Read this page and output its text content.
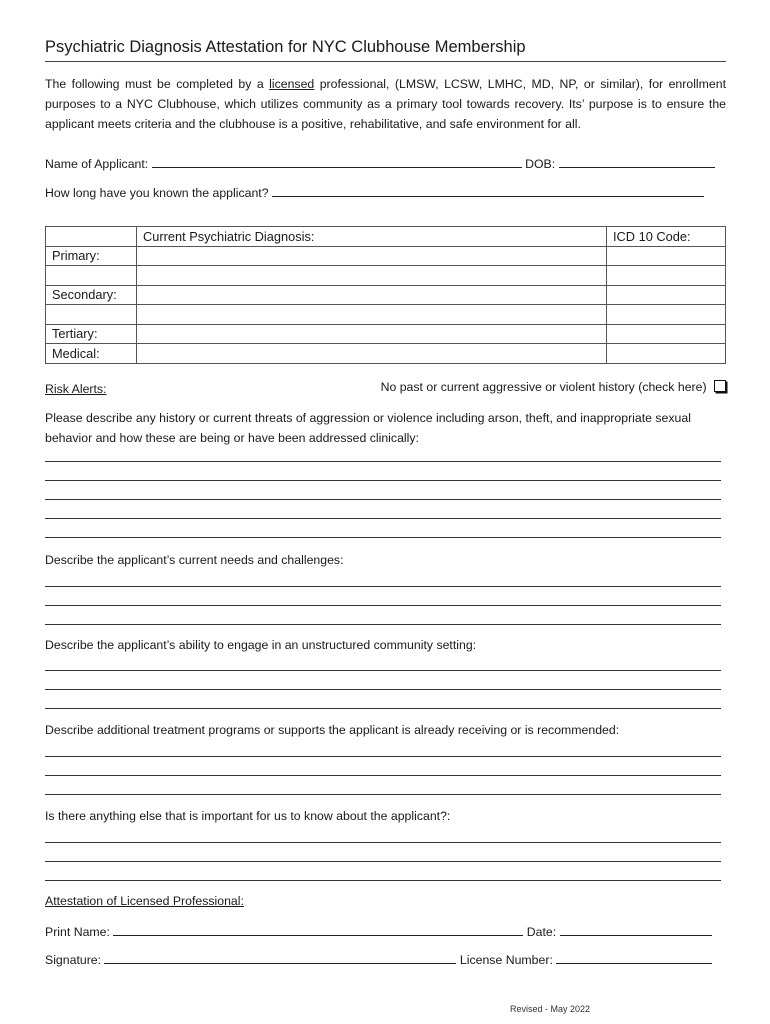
Psychiatric Diagnosis Attestation for NYC Clubhouse Membership
The following must be completed by a licensed professional, (LMSW, LCSW, LMHC, MD, NP, or similar), for enrollment purposes to a NYC Clubhouse, which utilizes community as a primary tool towards recovery. Its’ purpose is to ensure the applicant meets criteria and the clubhouse is a positive, rehabilitative, and safe environment for all.
Name of Applicant:	DOB:
How long have you known the applicant?
	Current Psychiatric Diagnosis:	ICD 10 Code:
Primary:		

Secondary:		

Tertiary:		
Medical:		
Risk Alerts:	No past or current aggressive or violent history (check here)
Please describe any history or current threats of aggression or violence including arson, theft, and inappropriate sexual behavior and how these are being or have been addressed clinically:
Describe the applicant’s current needs and challenges:
Describe the applicant’s ability to engage in an unstructured community setting:
Describe additional treatment programs or supports the applicant is already receiving or is recommended:
Is there anything else that is important for us to know about the applicant?:
Attestation of Licensed Professional:
Print Name:	Date:
Signature:	License Number:
Revised - May 2022
